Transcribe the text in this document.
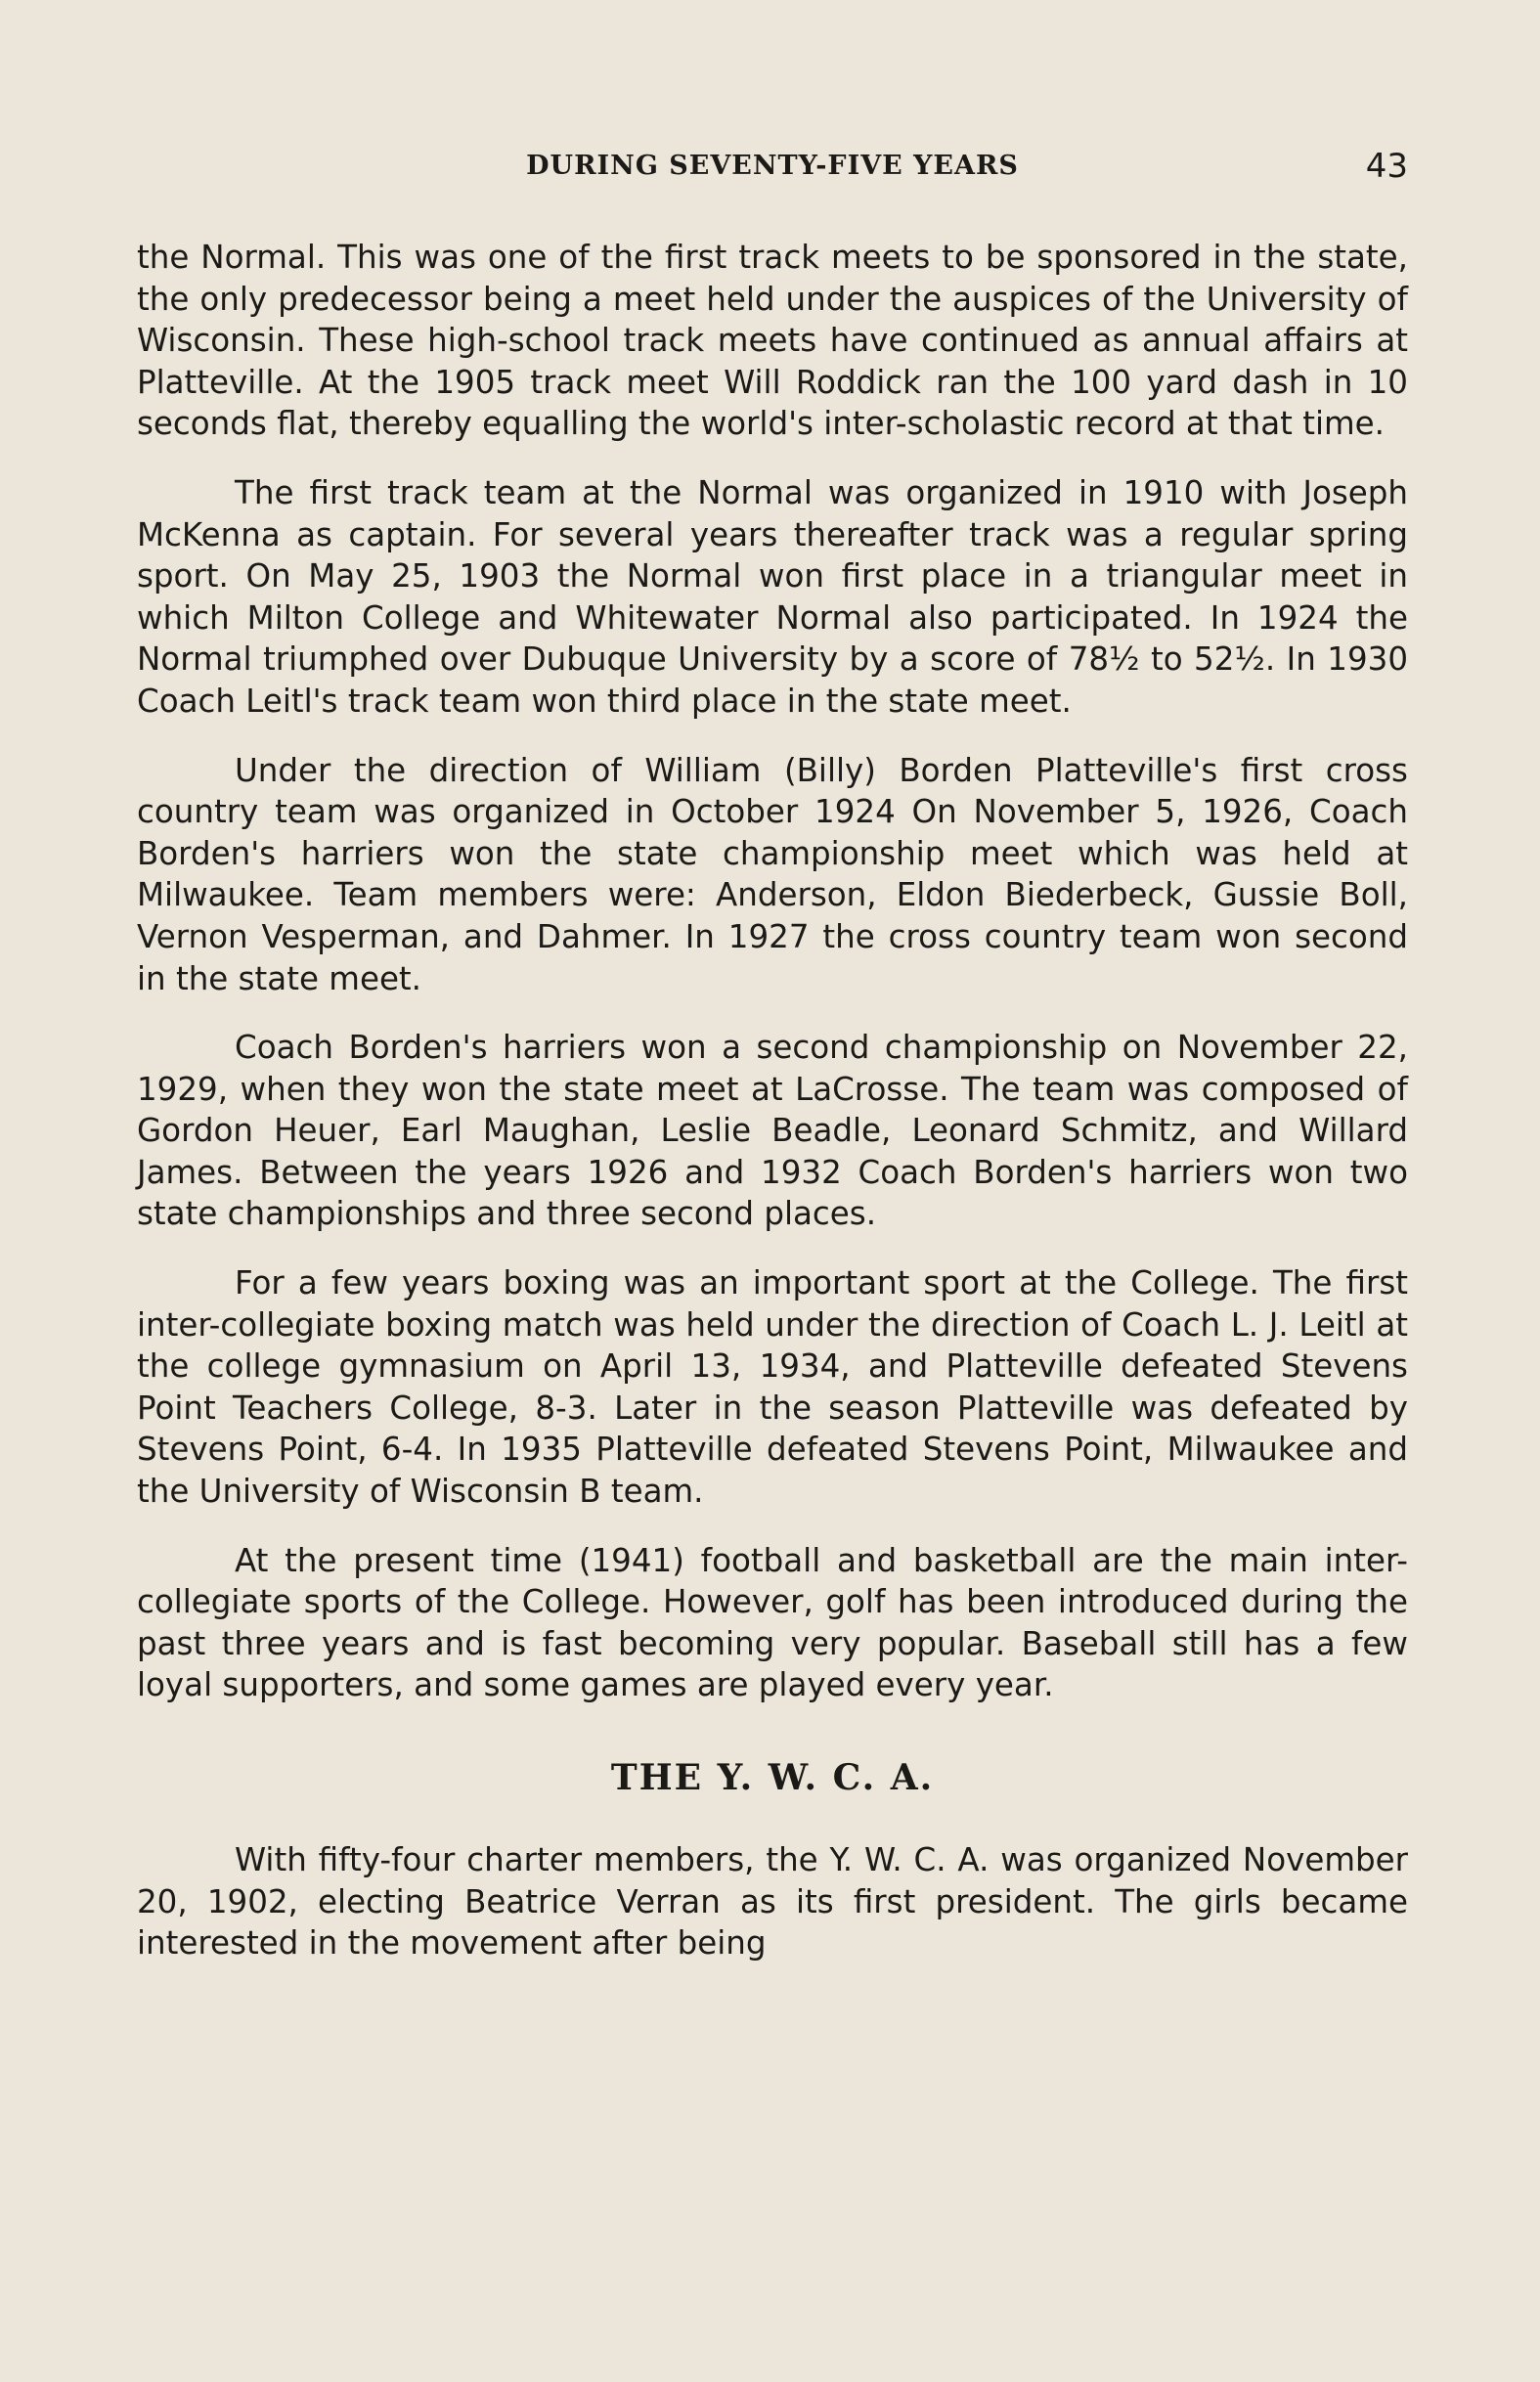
DURING SEVENTY-FIVE YEARS	43

the Normal. This was one of the first track meets to be sponsored in the state, the only predecessor being a meet held under the auspices of the University of Wisconsin. These high-school track meets have continued as annual affairs at Platteville. At the 1905 track meet Will Roddick ran the 100 yard dash in 10 seconds flat, thereby equalling the world's inter-scholastic record at that time.

The first track team at the Normal was organized in 1910 with Joseph McKenna as captain. For several years thereafter track was a regular spring sport. On May 25, 1903 the Normal won first place in a triangular meet in which Milton College and Whitewater Normal also participated. In 1924 the Normal triumphed over Dubuque University by a score of 78½ to 52½. In 1930 Coach Leitl's track team won third place in the state meet.

Under the direction of William (Billy) Borden Platteville's first cross country team was organized in October 1924 On November 5, 1926, Coach Borden's harriers won the state championship meet which was held at Milwaukee. Team members were: Anderson, Eldon Biederbeck, Gussie Boll, Vernon Vesperman, and Dahmer. In 1927 the cross country team won second in the state meet.

Coach Borden's harriers won a second championship on November 22, 1929, when they won the state meet at LaCrosse. The team was composed of Gordon Heuer, Earl Maughan, Leslie Beadle, Leonard Schmitz, and Willard James. Between the years 1926 and 1932 Coach Borden's harriers won two state championships and three second places.

For a few years boxing was an important sport at the College. The first inter-collegiate boxing match was held under the direction of Coach L. J. Leitl at the college gymnasium on April 13, 1934, and Platteville defeated Stevens Point Teachers College, 8-3. Later in the season Platteville was defeated by Stevens Point, 6-4. In 1935 Platteville defeated Stevens Point, Milwaukee and the University of Wisconsin B team.

At the present time (1941) football and basketball are the main inter-collegiate sports of the College. However, golf has been introduced during the past three years and is fast becoming very popular. Baseball still has a few loyal supporters, and some games are played every year.

THE Y. W. C. A.

With fifty-four charter members, the Y. W. C. A. was organized November 20, 1902, electing Beatrice Verran as its first president. The girls became interested in the movement after being
